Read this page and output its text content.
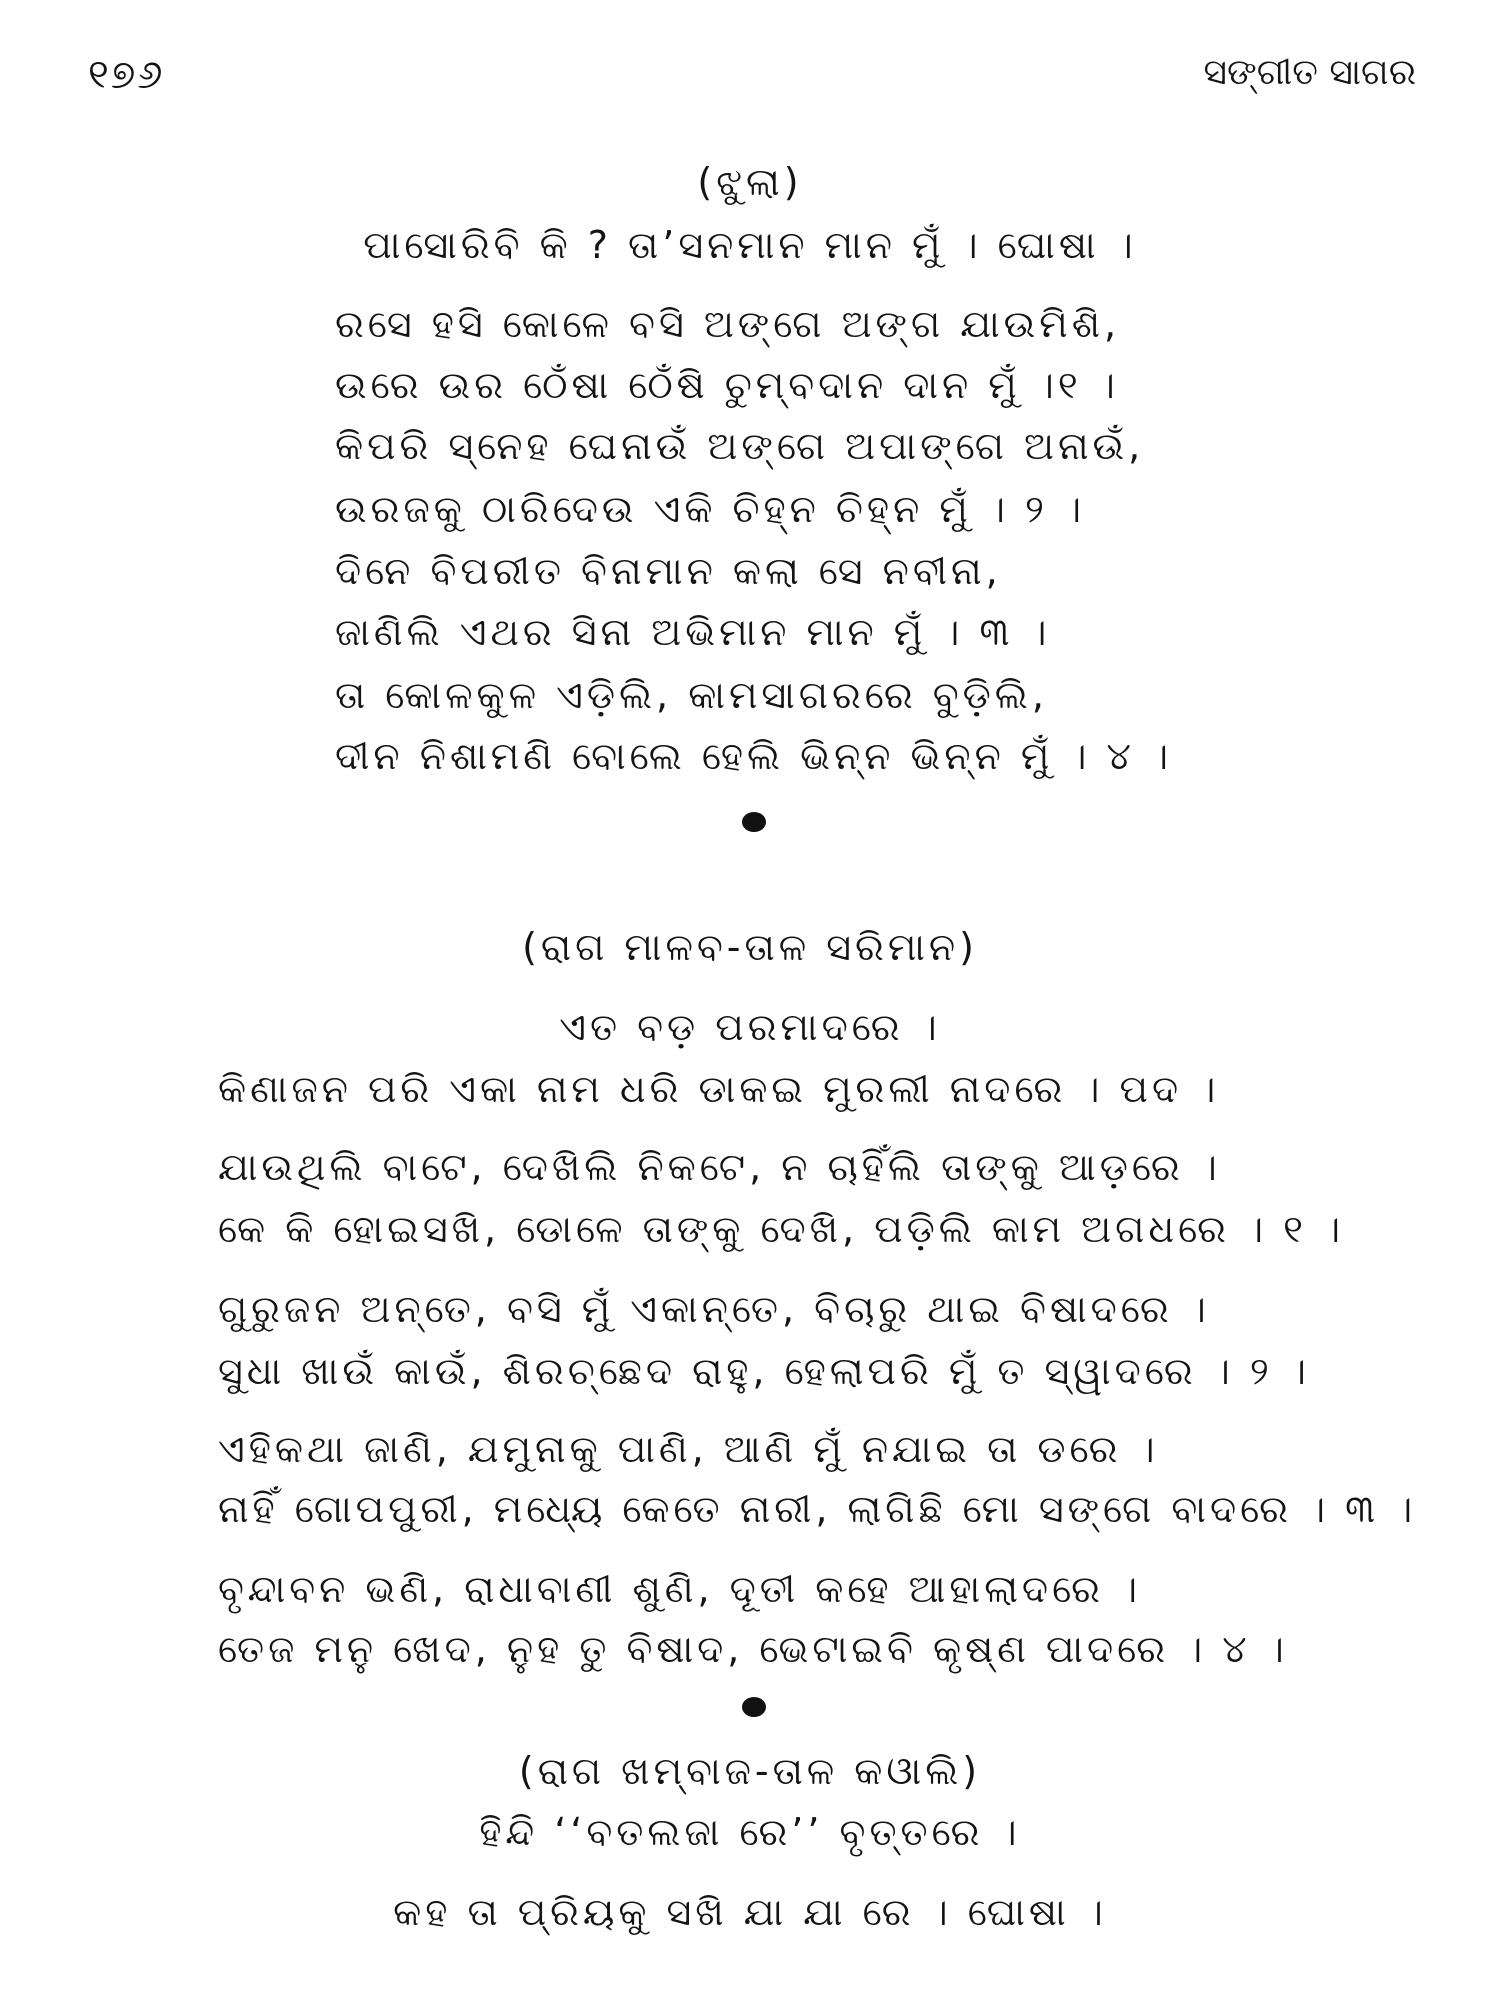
୧୭୬	ସଙ୍ଗୀତ ସାଗର
(ଝୁଲା)
ପାସୋରିବି କି ? ତା’ସନମାନ ମାନ ମୁଁ । ଘୋଷା ।
ରସେ ହସି କୋଳେ ବସି ଅଙ୍ଗେ ଅଙ୍ଗ ଯାଉମିଶି,
ଉରେ ଉର ଠେଁଷା ଠେଁଷି ଚୁମ୍ବଦାନ ଦାନ ମୁଁ ।୧ ।
କିପରି ସ୍ନେହ ଘେନାଉଁ ଅଙ୍ଗେ ଅପାଙ୍ଗେ ଅନାଉଁ,
ଉରଜକୁ ଠାରିଦେଉ ଏକି ଚିହ୍ନ ଚିହ୍ନ ମୁଁ । ୨ ।
ଦିନେ ବିପରୀତ ବିନାମାନ କଲା ସେ ନବୀନା,
ଜାଣିଲି ଏଥର ସିନା ଅଭିମାନ ମାନ ମୁଁ । ୩ ।
ତା କୋଳକୁଳ ଏଡ଼ିଲି, କାମସାଗରରେ ବୁଡ଼ିଲି,
ଦୀନ ନିଶାମଣି ବୋଲେ ହେଲି ଭିନ୍ନ ଭିନ୍ନ ମୁଁ । ୪ ।
(ରାଗ ମାଳବ-ତାଳ ସରିମାନ)
ଏତ ବଡ଼ ପରମାଦରେ ।
କିଣାଜନ ପରି ଏକା ନାମ ଧରି ଡାକଇ ମୁରଲୀ ନାଦରେ । ପଦ ।
ଯାଉଥିଲି ବାଟେ, ଦେଖିଲି ନିକଟେ, ନ ଚାହିଁଲି ତାଙ୍କୁ ଆଡ଼ରେ ।
କେ କି ହୋଇସଖି, ଡୋଳେ ତାଙ୍କୁ ଦେଖି, ପଡ଼ିଲି କାମ ଅଗଧରେ । ୧ ।
ଗୁରୁଜନ ଅନ୍ତେ, ବସି ମୁଁ ଏକାନ୍ତେ, ବିଚାରୁ ଥାଇ ବିଷାଦରେ ।
ସୁଧା ଖାଉଁ କାଉଁ, ଶିରଚ୍ଛେଦ ରାହୁ, ହେଲାପରି ମୁଁ ତ ସ୍ୱାଦରେ । ୨ ।
ଏହିକଥା ଜାଣି, ଯମୁନାକୁ ପାଣି, ଆଣି ମୁଁ ନଯାଇ ତା ଡରେ ।
ନାହିଁ ଗୋପପୁରୀ, ମଧ୍ୟେ କେତେ ନାରୀ, ଲାଗିଛି ମୋ ସଙ୍ଗେ ବାଦରେ । ୩ ।
ବୃନ୍ଦାବନ ଭଣି, ରାଧାବାଣୀ ଶୁଣି, ଦୂତୀ କହେ ଆହାଲାଦରେ ।
ତେଜ ମନୁ ଖେଦ, ନୁହ ତୁ ବିଷାଦ, ଭେଟାଇବି କୃଷ୍ଣ ପାଦରେ । ୪ ।
(ରାଗ ଖମ୍ବାଜ-ତାଳ କଓାଲି)
ହିନ୍ଦି ‘‘ବତଲଜା ରେ’’ ବୃତ୍ତରେ ।
କହ ତା ପ୍ରିୟକୁ ସଖି ଯା ଯା ରେ । ଘୋଷା ।
